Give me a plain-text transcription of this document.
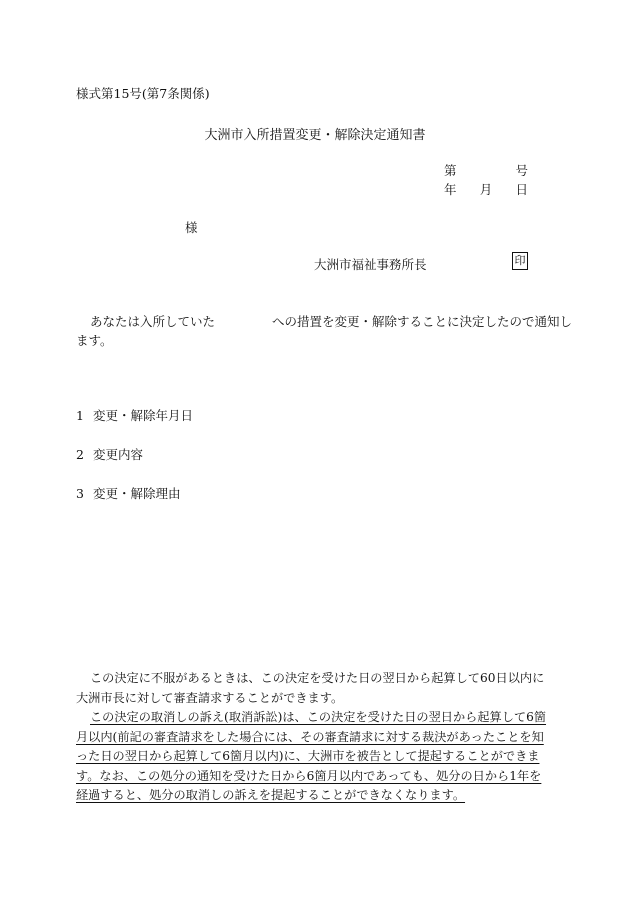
様式第15号(第7条関係)
大洲市入所措置変更・解除決定通知書
第	号
年 月 日
様
大洲市福祉事務所長	印
あなたは入所していた	への措置を変更・解除することに決定したので通知し
ます。
1 変更・解除年月日
2 変更内容
3 変更・解除理由

この決定に不服があるときは、この決定を受けた日の翌日から起算して60日以内に大洲市長に対して審査請求することができます。

この決定の取消しの訴え(取消訴訟)は、この決定を受けた日の翌日から起算して6箇月以内(前記の審査請求をした場合には、その審査請求に対する裁決があったことを知った日の翌日から起算して6箇月以内)に、大洲市を被告として提起することができます。なお、この処分の通知を受けた日から6箇月以内であっても、処分の日から1年を経過すると、処分の取消しの訴えを提起することができなくなります。
